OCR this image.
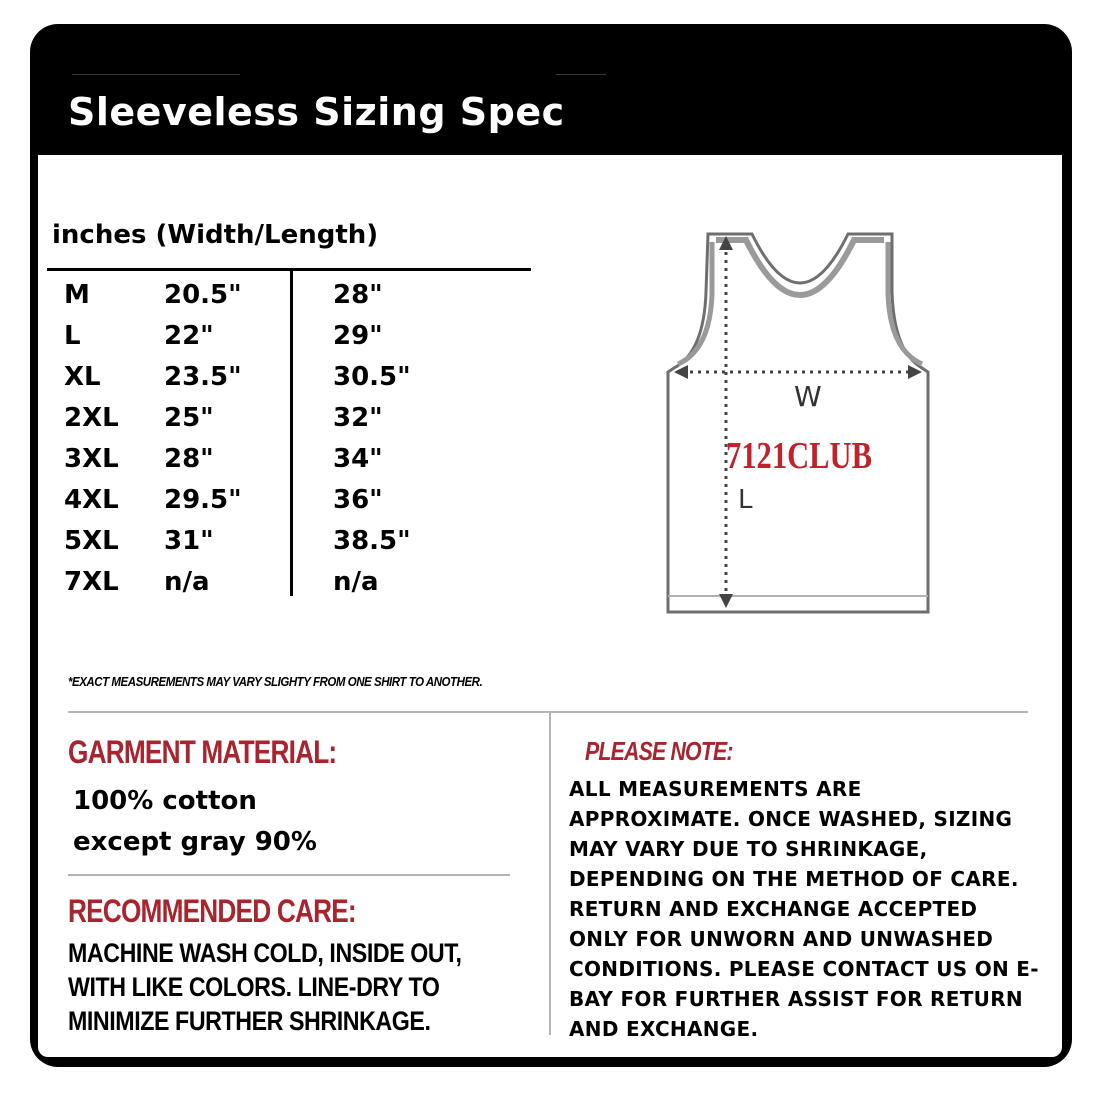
Sleeveless Sizing Spec
inches (Width/Length)
M	20.5"	28"
L	22"	29"
XL 23.5"	30.5"
2XL 25"	32"
3XL 28"	34"
4XL 29.5"	36"
5XL 31"	38.5"
7XL n/a	n/a
W
L
7121CLUB
*EXACT MEASUREMENTS MAY VARY SLIGHTY FROM ONE SHIRT TO ANOTHER.
GARMENT MATERIAL:
100% cotton
except gray 90%
RECOMMENDED CARE:
MACHINE WASH COLD, INSIDE OUT, WITH LIKE COLORS. LINE-DRY TO MINIMIZE FURTHER SHRINKAGE.
PLEASE NOTE:
ALL MEASUREMENTS ARE APPROXIMATE. ONCE WASHED, SIZING MAY VARY DUE TO SHRINKAGE, DEPENDING ON THE METHOD OF CARE. RETURN AND EXCHANGE ACCEPTED ONLY FOR UNWORN AND UNWASHED CONDITIONS. PLEASE CONTACT US ON E-BAY FOR FURTHER ASSIST FOR RETURN AND EXCHANGE.
